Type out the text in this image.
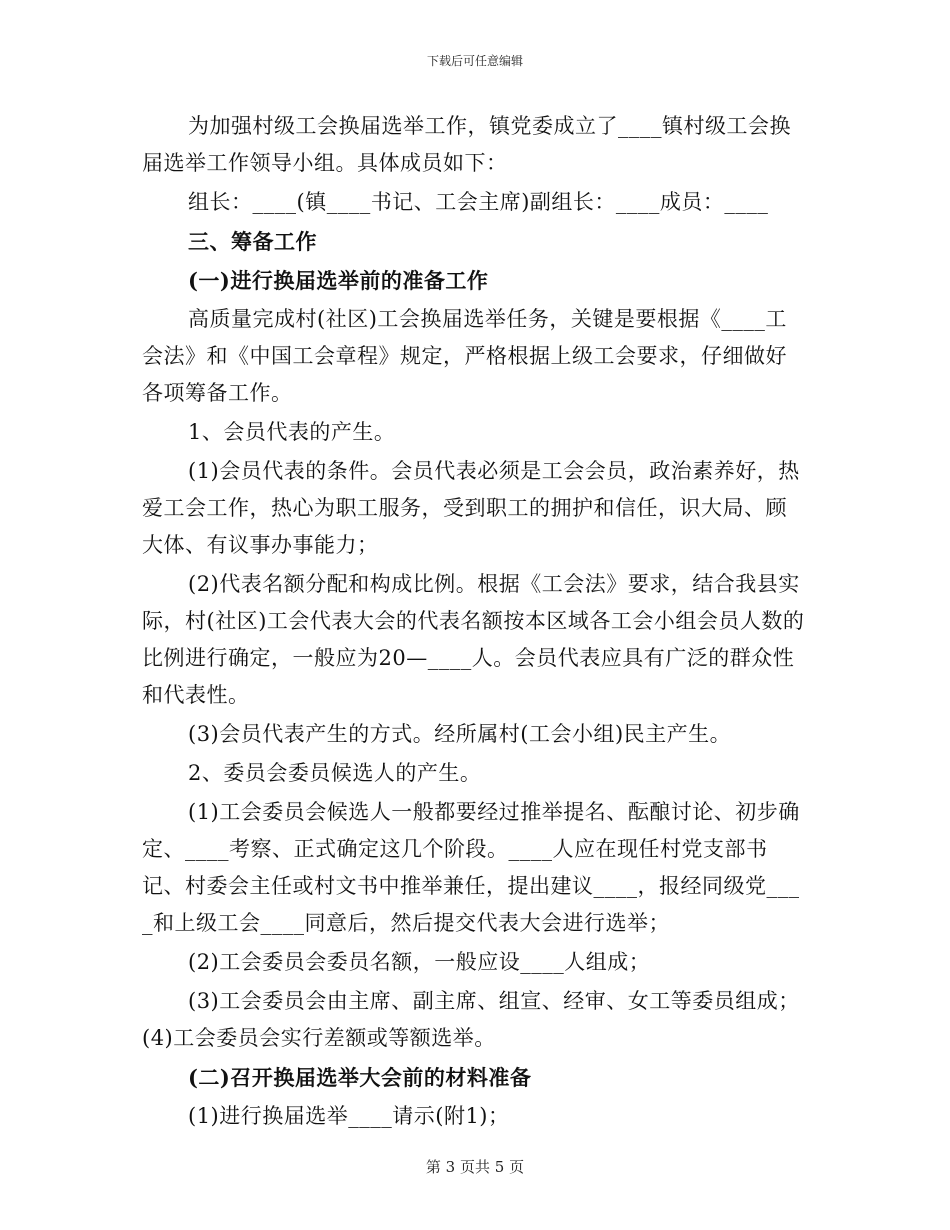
下载后可任意编辑

为加强村级工会换届选举工作，镇党委成立了____镇村级工会换届选举工作领导小组。具体成员如下：

组长：____(镇____书记、工会主席)副组长：____成员：____

三、筹备工作

(一)进行换届选举前的准备工作

高质量完成村(社区)工会换届选举任务，关键是要根据《____工会法》和《中国工会章程》规定，严格根据上级工会要求，仔细做好各项筹备工作。

1、会员代表的产生。

(1)会员代表的条件。会员代表必须是工会会员，政治素养好，热爱工会工作，热心为职工服务，受到职工的拥护和信任，识大局、顾大体、有议事办事能力；

(2)代表名额分配和构成比例。根据《工会法》要求，结合我县实际，村(社区)工会代表大会的代表名额按本区域各工会小组会员人数的比例进行确定，一般应为20—____人。会员代表应具有广泛的群众性和代表性。

(3)会员代表产生的方式。经所属村(工会小组)民主产生。

2、委员会委员候选人的产生。

(1)工会委员会候选人一般都要经过推举提名、酝酿讨论、初步确定、____考察、正式确定这几个阶段。____人应在现任村党支部书记、村委会主任或村文书中推举兼任，提出建议____，报经同级党____和上级工会____同意后，然后提交代表大会进行选举；

(2)工会委员会委员名额，一般应设____人组成；

(3)工会委员会由主席、副主席、组宣、经审、女工等委员组成；

(4)工会委员会实行差额或等额选举。

(二)召开换届选举大会前的材料准备

(1)进行换届选举____请示(附1)；

第 3 页共 5 页
